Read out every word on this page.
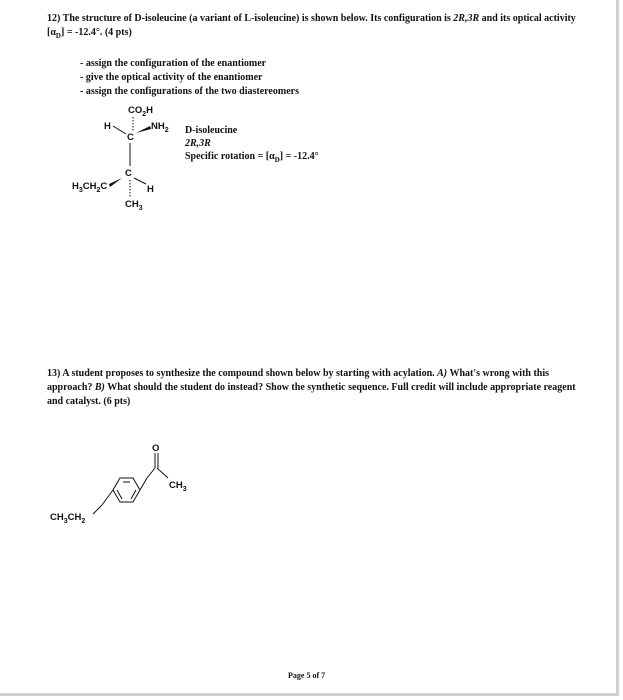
12) The structure of D-isoleucine (a variant of L-isoleucine) is shown below. Its configuration is 2R,3R and its optical activity $[\alpha_D] = -12.4^\circ$. (4 pts)
- assign the configuration of the enantiomer
- give the optical activity of the enantiomer
- assign the configurations of the two diastereomers
$CO_2H$
H
C
$NH_2$
C
$H_3CH_2C$	H
$CH_3$
D-isoleucine
2R,3R
Specific rotation = $[\alpha_D] = -12.4^\circ$
13) A student proposes to synthesize the compound shown below by starting with acylation. A) What's wrong with this approach? B) What should the student do instead? Show the synthetic sequence. Full credit will include appropriate reagent and catalyst. (6 pts)
$CH_3CH_2$
O
$CH_3$
Page 5 of 7
